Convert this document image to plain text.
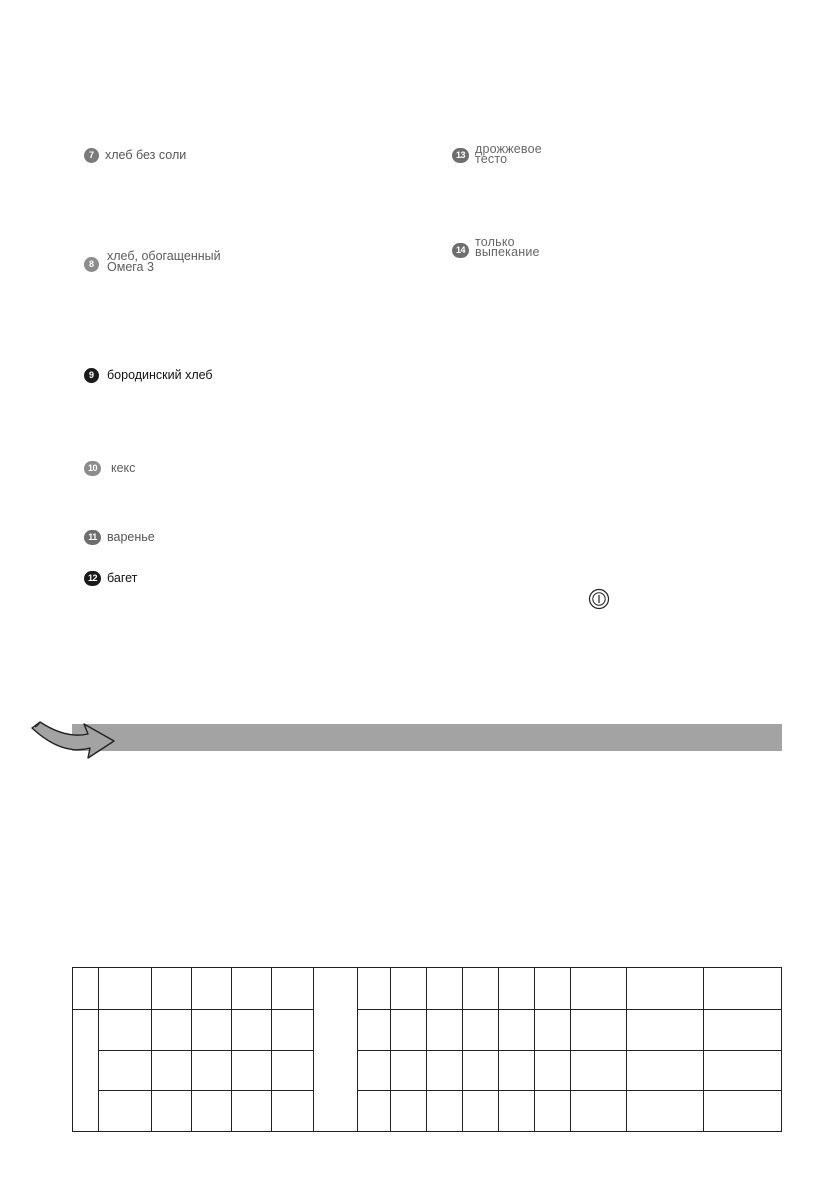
7 хлеб без соли
8
хлеб, обогащенный
Омега 3
9	бородинский хлеб
10	кекс
11 варенье
12 багет
13 дрожжевое
тесто
14
только
выпекание
